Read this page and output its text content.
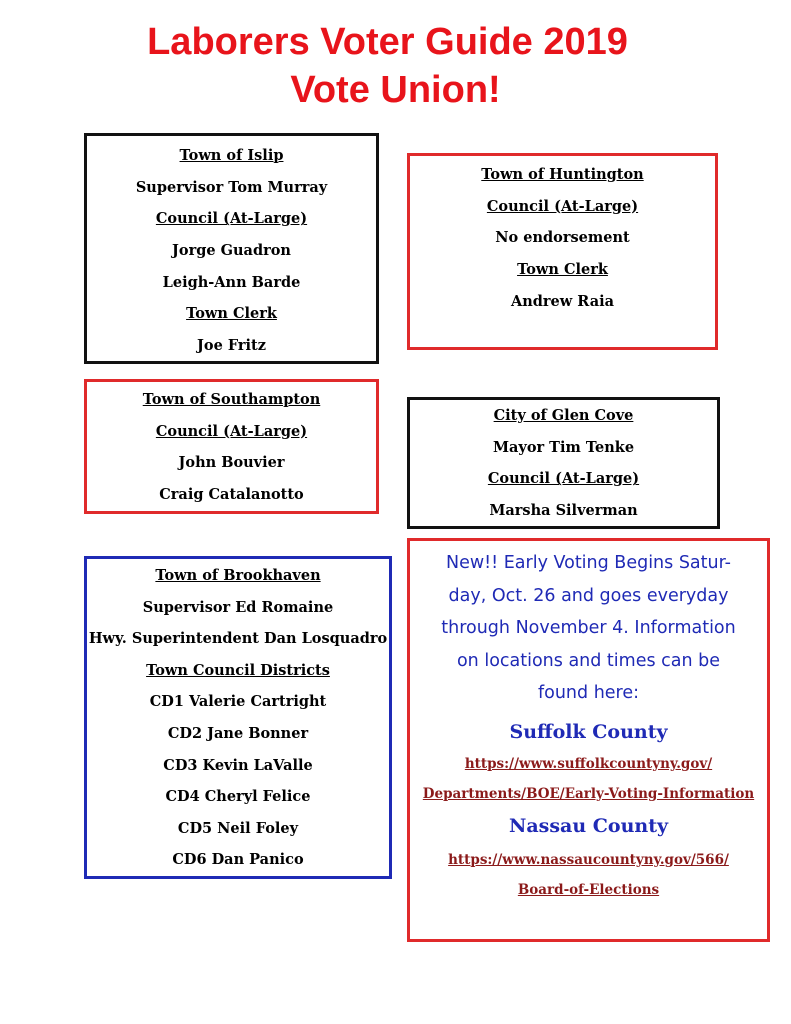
Laborers Voter Guide 2019
Vote Union!
Town of Islip
Supervisor Tom Murray
Council (At-Large)
Jorge Guadron
Leigh-Ann Barde
Town Clerk
Joe Fritz
Town of Huntington
Council (At-Large)
No endorsement
Town Clerk
Andrew Raia
Town of Southampton
Council (At-Large)
John Bouvier
Craig Catalanotto
City of Glen Cove
Mayor Tim Tenke
Council (At-Large)
Marsha Silverman
Town of Brookhaven
Supervisor Ed Romaine
Hwy. Superintendent Dan Losquadro
Town Council Districts
CD1 Valerie Cartright
CD2 Jane Bonner
CD3 Kevin LaValle
CD4 Cheryl Felice
CD5 Neil Foley
CD6 Dan Panico
New!! Early Voting Begins Satur-
day, Oct. 26 and goes everyday
through November 4. Information
on locations and times can be
found here:
Suffolk County
https://www.suffolkcountyny.gov/
Departments/BOE/Early-Voting-Information
Nassau County
https://www.nassaucountyny.gov/566/
Board-of-Elections
